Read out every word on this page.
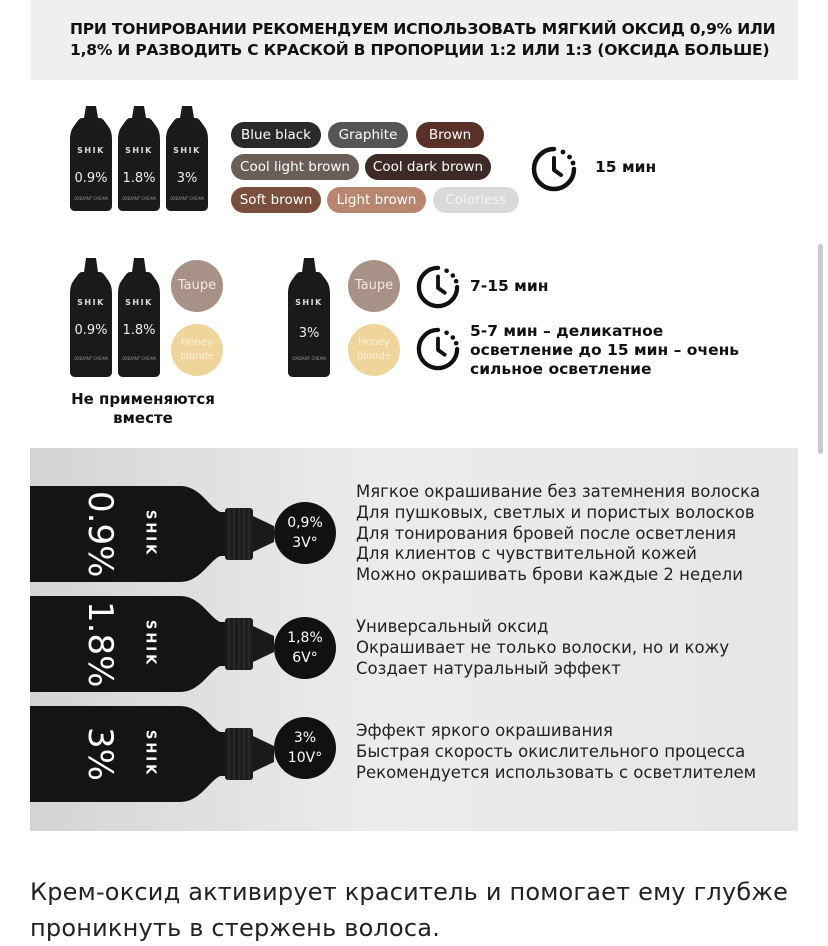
ПРИ ТОНИРОВАНИИ РЕКОМЕНДУЕМ ИСПОЛЬЗОВАТЬ МЯГКИЙ ОКСИД 0,9% ИЛИ 1,8% И РАЗВОДИТЬ С КРАСКОЙ В ПРОПОРЦИИ 1:2 ИЛИ 1:3 (ОКСИДА БОЛЬШЕ)
SHIK
0.9%
OXIDANT CREAM
SHIK
1.8%
OXIDANT CREAM
SHIK
3%
OXIDANT CREAM
Blue black	Graphite	Brown
Cool light brown	Cool dark brown
Soft brown	Light brown	Colorless
15 мин
SHIK
0.9%
OXIDANT CREAM
SHIK
1.8%
OXIDANT CREAM
Taupe
Honey blonde
Не применяются вместе
SHIK
3%
OXIDANT CREAM
Taupe
Honey blonde
7-15 мин
5-7 мин – деликатное осветление до 15 мин – очень сильное осветление
0.9%	SHIK	0,9%
3V°
Мягкое окрашивание без затемнения волоска
Для пушковых, светлых и пористых волосков
Для тонирования бровей после осветления
Для клиентов с чувствительной кожей
Можно окрашивать брови каждые 2 недели
1.8%	SHIK	1,8%
6V°
Универсальный оксид
Окрашивает не только волоски, но и кожу
Создает натуральный эффект
3%	SHIK	3%
10V°
Эффект яркого окрашивания
Быстрая скорость окислительного процесса
Рекомендуется использовать с осветлителем
Крем-оксид активирует краситель и помогает ему глубже проникнуть в стержень волоса.
